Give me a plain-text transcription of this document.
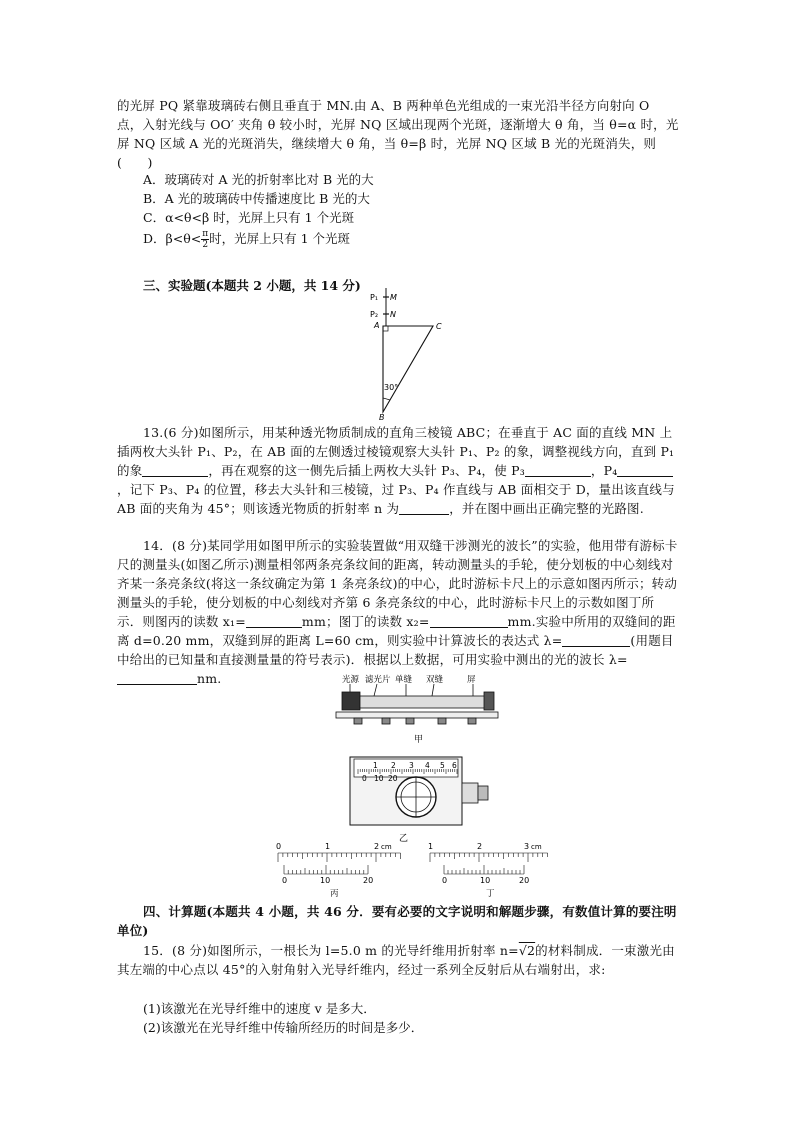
的光屏 PQ 紧靠玻璃砖右侧且垂直于 MN.由 A、B 两种单色光组成的一束光沿半径方向射向 O 点，入射光线与 OO′ 夹角 θ 较小时，光屏 NQ 区域出现两个光斑，逐渐增大 θ 角，当 θ=α 时，光屏 NQ 区域 A 光的光斑消失，继续增大 θ 角，当 θ=β 时，光屏 NQ 区域 B 光的光斑消失，则(　　)
A．玻璃砖对 A 光的折射率比对 B 光的大
B．A 光的玻璃砖中传播速度比 B 光的大
C．α<θ<β 时，光屏上只有 1 个光斑
D．$\beta<\theta< \frac{\pi}{2}$ 时，光屏上只有 1 个光斑
三、实验题(本题共 2 小题，共 14 分)
P₁ M
P₂ N
A	C
B
30°
13.(6 分)如图所示，用某种透光物质制成的直角三棱镜 ABC；在垂直于 AC 面的直线 MN 上插两枚大头针 P₁、P₂，在 AB 面的左侧透过棱镜观察大头针 P₁、P₂ 的象，调整视线方向，直到 P₁ 的象	，再在观察的这一侧先后插上两枚大头针 P₃、P₄，使 P₃	，P₄，记下 P₃、P₄ 的位置，移去大头针和三棱镜，过 P₃、P₄ 作直线与 AB 面相交于 D，量出该直线与 AB 面的夹角为 45°；则该透光物质的折射率 n 为	，并在图中画出正确完整的光路图.
14．(8 分)某同学用如图甲所示的实验装置做“用双缝干涉测光的波长”的实验，他用带有游标卡尺的测量头(如图乙所示)测量相邻两条亮条纹间的距离，转动测量头的手轮，使分划板的中心刻线对齐某一条亮条纹(将这一条纹确定为第 1 条亮条纹)的中心，此时游标卡尺上的示意如图丙所示；转动测量头的手轮，使分划板的中心刻线对齐第 6 条亮条纹的中心，此时游标卡尺上的示数如图丁所示．则图丙的读数 x₁=	mm；图丁的读数 x₂=	mm.实验中所用的双缝间的距离 d=0.20 mm，双缝到屏的距离 L=60 cm，则实验中计算波长的表达式 λ=	(用题目中给出的已知量和直接测量量的符号表示)．根据以上数据，可用实验中测出的光的波长 λ=nm.	光源 滤光片 单缝 双缝	屏
甲
1 2 3 4 5 6
0 10 20
乙
0	1	2 cm
0	10	20
丙
1	2	3 cm
0	10	20
丁
四、计算题(本题共 4 小题，共 46 分．要有必要的文字说明和解题步骤，有数值计算的要注明单位)
15．(8 分)如图所示，一根长为 l=5.0 m 的光导纤维用折射率 n=√2的材料制成．一束激光由其左端的中心点以 45°的入射角射入光导纤维内，经过一系列全反射后从右端射出，求:
(1)该激光在光导纤维中的速度 v 是多大．
(2)该激光在光导纤维中传输所经历的时间是多少．
